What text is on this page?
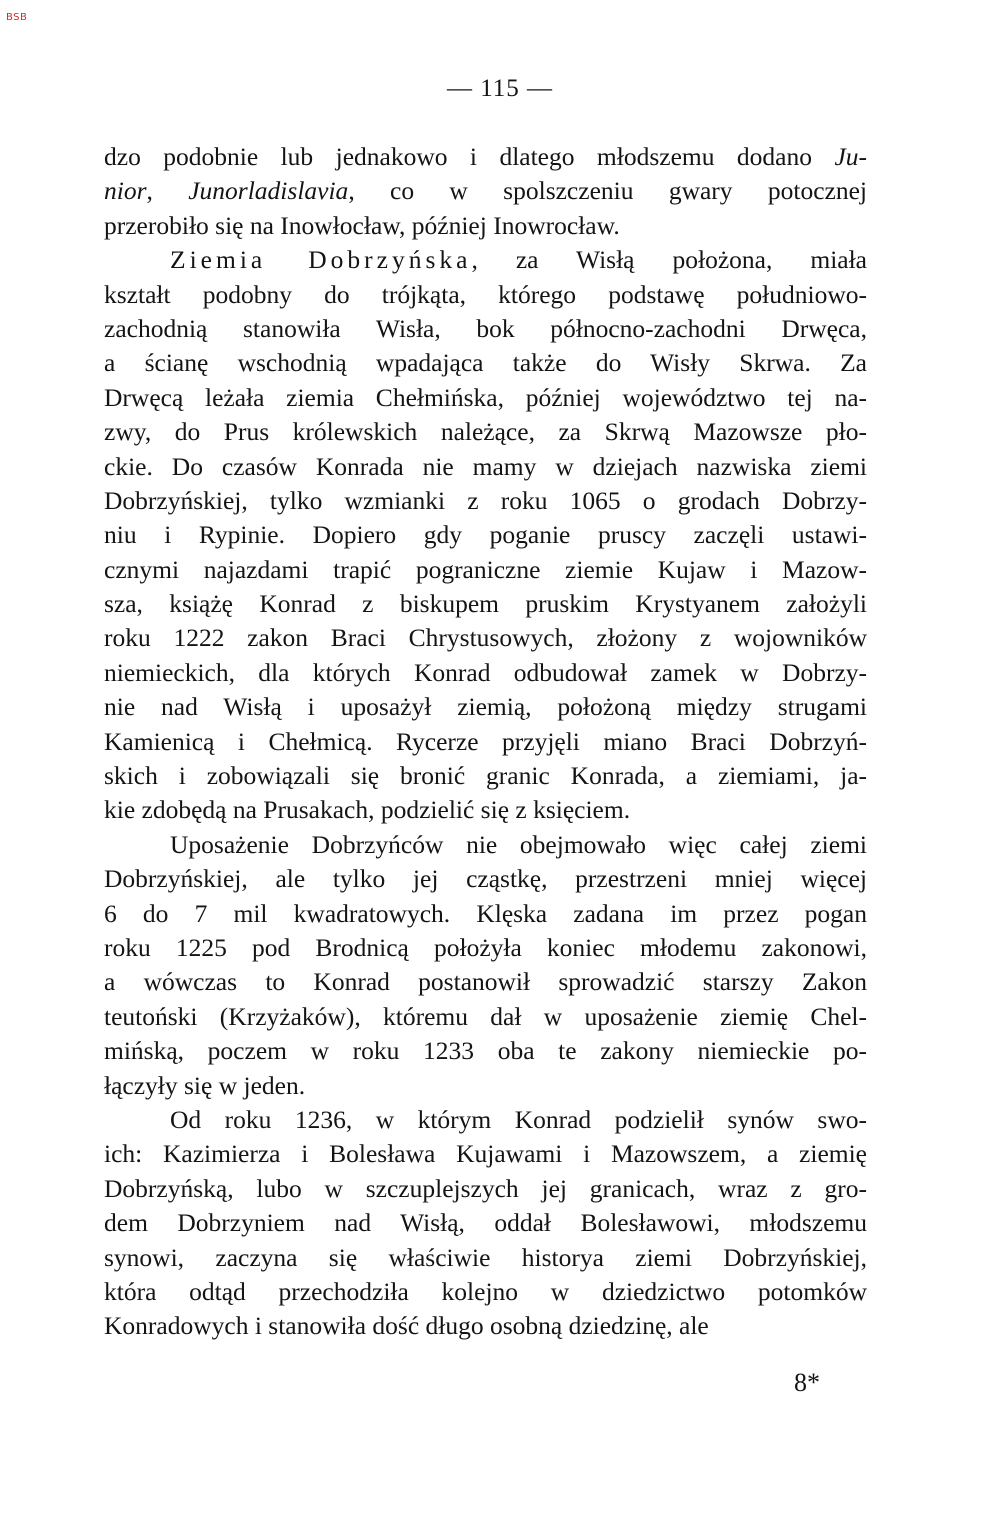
BSB
— 115 —
dzo podobnie lub jednakowo i dlatego młodszemu dodano Ju-
nior, Junorladislavia, co w spolszczeniu gwary potocznej
przerobiło się na Inowłocław, później Inowrocław.
Ziemia Dobrzyńska, za Wisłą położona, miała
kształt podobny do trójkąta, którego podstawę południowo-
zachodnią stanowiła Wisła, bok północno-zachodni Drwęca,
a ścianę wschodnią wpadająca także do Wisły Skrwa. Za
Drwęcą leżała ziemia Chełmińska, później województwo tej na-
zwy, do Prus królewskich należące, za Skrwą Mazowsze pło-
ckie. Do czasów Konrada nie mamy w dziejach nazwiska ziemi
Dobrzyńskiej, tylko wzmianki z roku 1065 o grodach Dobrzy-
niu i Rypinie. Dopiero gdy poganie pruscy zaczęli ustawi-
cznymi najazdami trapić pograniczne ziemie Kujaw i Mazow-
sza, książę Konrad z biskupem pruskim Krystyanem założyli
roku 1222 zakon Braci Chrystusowych, złożony z wojowników
niemieckich, dla których Konrad odbudował zamek w Dobrzy-
nie nad Wisłą i uposażył ziemią, położoną między strugami
Kamienicą i Chełmicą. Rycerze przyjęli miano Braci Dobrzyń-
skich i zobowiązali się bronić granic Konrada, a ziemiami, ja-
kie zdobędą na Prusakach, podzielić się z księciem.
Uposażenie Dobrzyńców nie obejmowało więc całej ziemi
Dobrzyńskiej, ale tylko jej cząstkę, przestrzeni mniej więcej
6 do 7 mil kwadratowych. Klęska zadana im przez pogan
roku 1225 pod Brodnicą położyła koniec młodemu zakonowi,
a wówczas to Konrad postanowił sprowadzić starszy Zakon
teutoński (Krzyżaków), któremu dał w uposażenie ziemię Chel-
mińską, poczem w roku 1233 oba te zakony niemieckie po-
łączyły się w jeden.
Od roku 1236, w którym Konrad podzielił synów swo-
ich: Kazimierza i Bolesława Kujawami i Mazowszem, a ziemię
Dobrzyńską, lubo w szczuplejszych jej granicach, wraz z gro-
dem Dobrzyniem nad Wisłą, oddał Bolesławowi, młodszemu
synowi, zaczyna się właściwie historya ziemi Dobrzyńskiej,
która odtąd przechodziła kolejno w dziedzictwo potomków
Konradowych i stanowiła dość długo osobną dziedzinę, ale
8*
